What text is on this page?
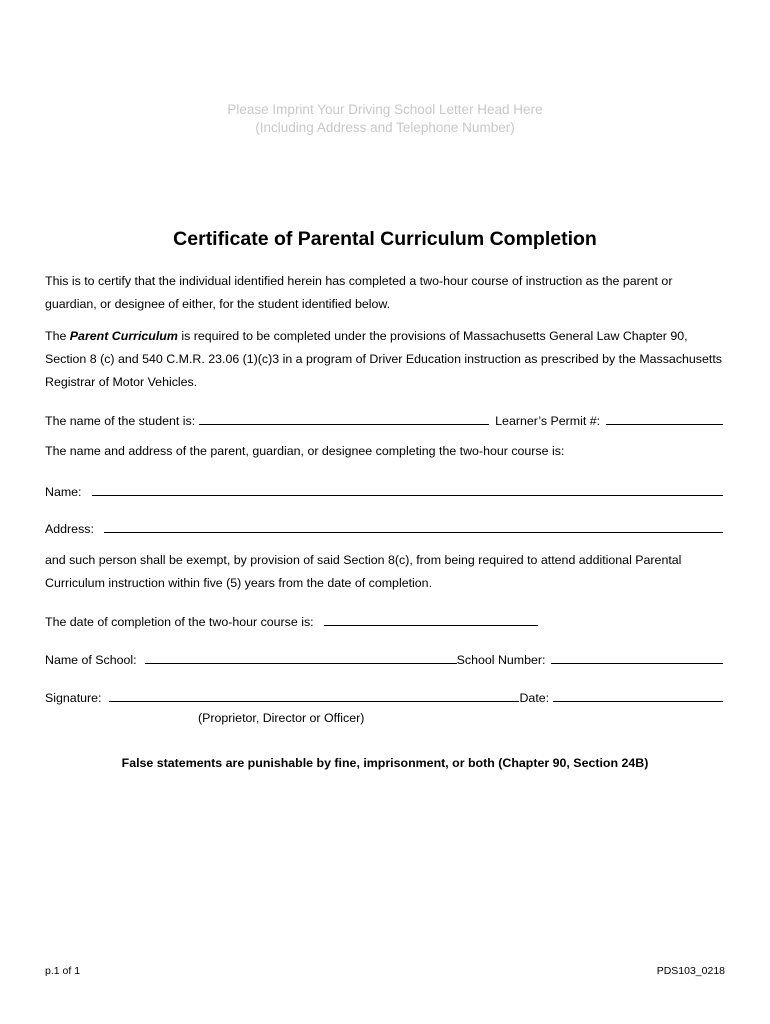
Please Imprint Your Driving School Letter Head Here
(Including Address and Telephone Number)
Certificate of Parental Curriculum Completion
This is to certify that the individual identified herein has completed a two-hour course of instruction as the parent or guardian, or designee of either, for the student identified below.
The Parent Curriculum is required to be completed under the provisions of Massachusetts General Law Chapter 90, Section 8 (c) and 540 C.M.R. 23.06 (1)(c)3 in a program of Driver Education instruction as prescribed by the Massachusetts Registrar of Motor Vehicles.
The name of the student is:	Learner’s Permit #:
The name and address of the parent, guardian, or designee completing the two-hour course is:
Name:
Address:
and such person shall be exempt, by provision of said Section 8(c), from being required to attend additional Parental Curriculum instruction within five (5) years from the date of completion.
The date of completion of the two-hour course is:
Name of School:	School Number:
Signature:	Date:
(Proprietor, Director or Officer)
False statements are punishable by fine, imprisonment, or both (Chapter 90, Section 24B)
p.1 of 1	PDS103_0218
